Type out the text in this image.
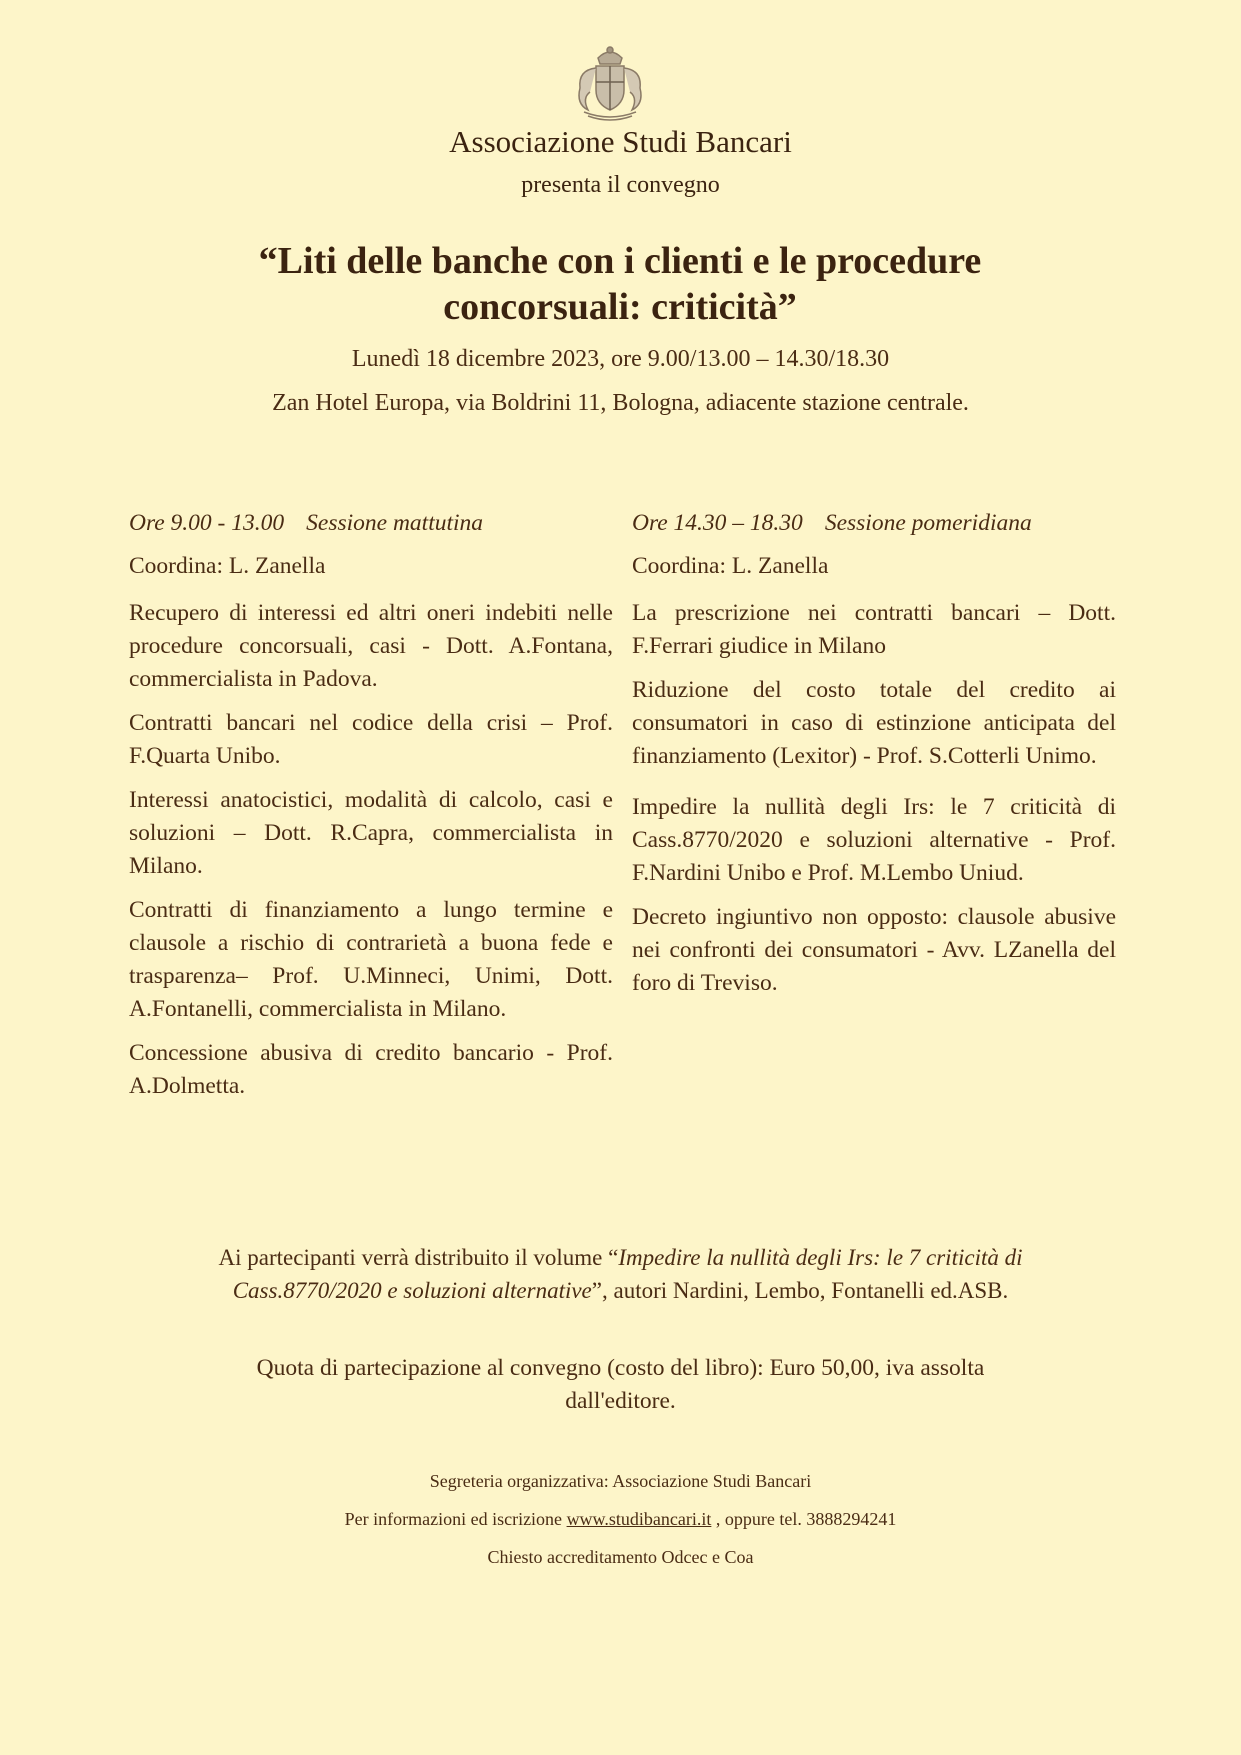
Associazione Studi Bancari
presenta il convegno
“Liti delle banche con i clienti e le procedure
concorsuali: criticità”
Lunedì 18 dicembre 2023, ore 9.00/13.00 – 14.30/18.30
Zan Hotel Europa, via Boldrini 11, Bologna, adiacente stazione centrale.
Ore 9.00 - 13.00 Sessione mattutina
Coordina: L. Zanella
Recupero di interessi ed altri oneri indebiti nelle procedure concorsuali, casi - Dott. A.Fontana, commercialista in Padova.
Contratti bancari nel codice della crisi – Prof. F.Quarta Unibo.
Interessi anatocistici, modalità di calcolo, casi e soluzioni – Dott. R.Capra, commercialista in Milano.
Contratti di finanziamento a lungo termine e clausole a rischio di contrarietà a buona fede e trasparenza– Prof. U.Minneci, Unimi, Dott. A.Fontanelli, commercialista in Milano.
Concessione abusiva di credito bancario - Prof. A.Dolmetta.
Ore 14.30 – 18.30 Sessione pomeridiana
Coordina: L. Zanella
La prescrizione nei contratti bancari – Dott. F.Ferrari giudice in Milano
Riduzione del costo totale del credito ai consumatori in caso di estinzione anticipata del finanziamento (Lexitor) - Prof. S.Cotterli Unimo.
Impedire la nullità degli Irs: le 7 criticità di Cass.8770/2020 e soluzioni alternative - Prof. F.Nardini Unibo e Prof. M.Lembo Uniud.
Decreto ingiuntivo non opposto: clausole abusive nei confronti dei consumatori - Avv. LZanella del foro di Treviso.
Ai partecipanti verrà distribuito il volume “Impedire la nullità degli Irs: le 7 criticità di
Cass.8770/2020 e soluzioni alternative”, autori Nardini, Lembo, Fontanelli ed.ASB.
Quota di partecipazione al convegno (costo del libro): Euro 50,00, iva assolta
dall'editore.
Segreteria organizzativa: Associazione Studi Bancari
Per informazioni ed iscrizione www.studibancari.it , oppure tel. 3888294241
Chiesto accreditamento Odcec e Coa
